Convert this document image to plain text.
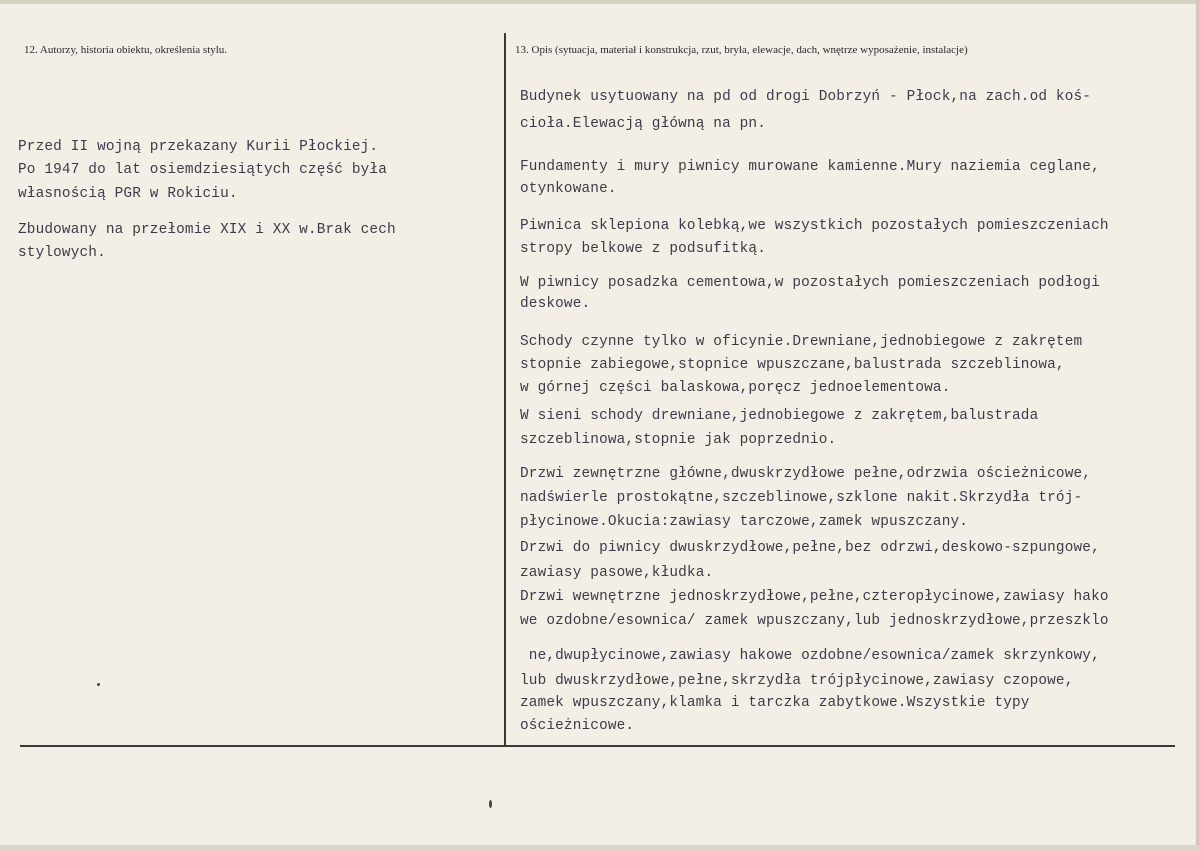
12. Autorzy, historia obiektu, określenia stylu.	13. Opis (sytuacja, materiał i konstrukcja, rzut, bryła, elewacje, dach, wnętrze wyposażenie, instalacje)
Przed II wojną przekazany Kurii Płockiej.
Po 1947 do lat osiemdziesiątych część była
własnością PGR w Rokiciu.
Zbudowany na przełomie XIX i XX w.Brak cech
stylowych.
Budynek usytuowany na pd od drogi Dobrzyń - Płock,na zach.od koś-
cioła.Elewacją główną na pn.
Fundamenty i mury piwnicy murowane kamienne.Mury naziemia ceglane,
otynkowane.
Piwnica sklepiona kolebką,we wszystkich pozostałych pomieszczeniach
stropy belkowe z podsufitką.
W piwnicy posadzka cementowa,w pozostałych pomieszczeniach podłogi
deskowe.
Schody czynne tylko w oficynie.Drewniane,jednobiegowe z zakrętem
stopnie zabiegowe,stopnice wpuszczane,balustrada szczeblinowa,
w górnej części balaskowa,poręcz jednoelementowa.
W sieni schody drewniane,jednobiegowe z zakrętem,balustrada
szczeblinowa,stopnie jak poprzednio.
Drzwi zewnętrzne główne,dwuskrzydłowe pełne,odrzwia ościeżnicowe,
nadświerle prostokątne,szczeblinowe,szklone nakit.Skrzydła trój-
płycinowe.Okucia:zawiasy tarczowe,zamek wpuszczany.
Drzwi do piwnicy dwuskrzydłowe,pełne,bez odrzwi,deskowo-szpungowe,
zawiasy pasowe,kłudka.
Drzwi wewnętrzne jednoskrzydłowe,pełne,czteropłycinowe,zawiasy hako
we ozdobne/esownica/ zamek wpuszczany,lub jednoskrzydłowe,przeszklo
ne,dwupłycinowe,zawiasy hakowe ozdobne/esownica/zamek skrzynkowy,
lub dwuskrzydłowe,pełne,skrzydła trójpłycinowe,zawiasy czopowe,
zamek wpuszczany,klamka i tarczka zabytkowe.Wszystkie typy
ościeżnicowe.
